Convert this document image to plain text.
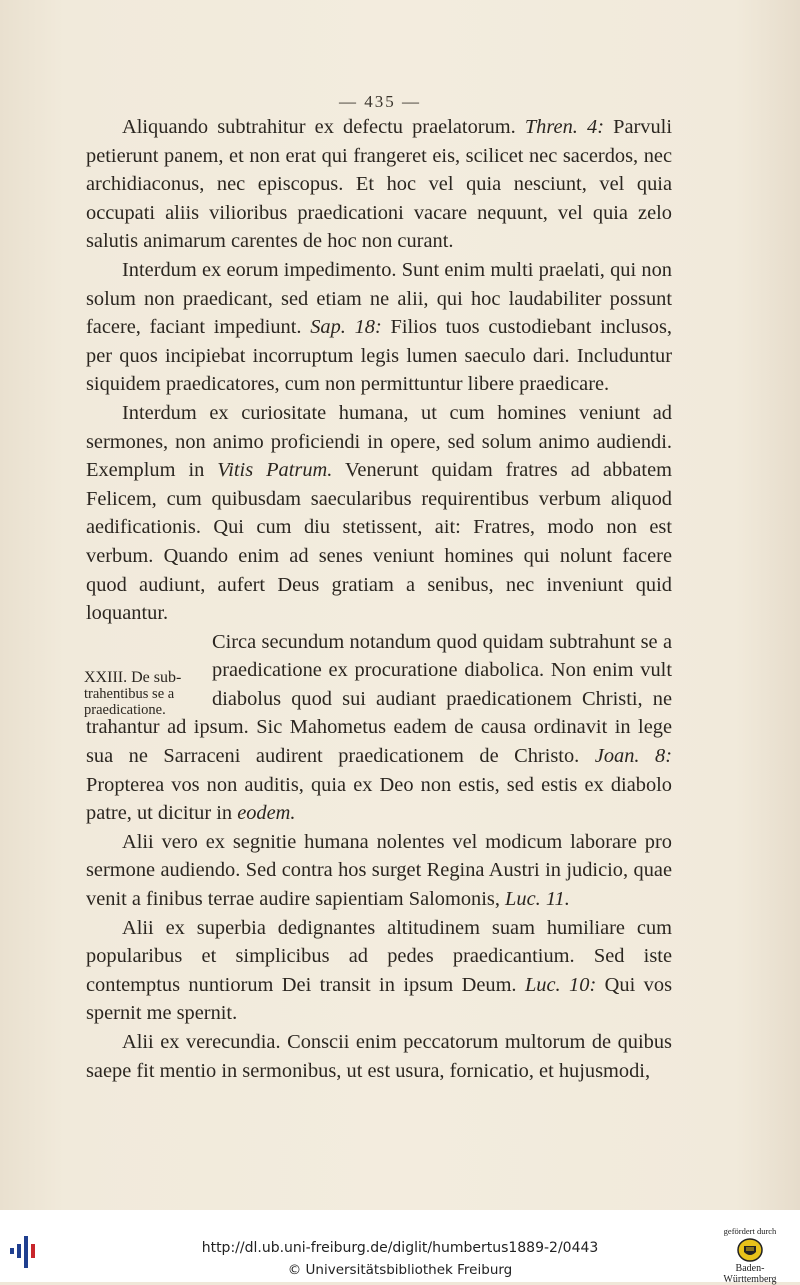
— 435 —

Aliquando subtrahitur ex defectu praelatorum. Thren. 4: Parvuli petierunt panem, et non erat qui frangeret eis, scilicet nec sacerdos, nec archidiaconus, nec episcopus. Et hoc vel quia nesciunt, vel quia occupati aliis vilioribus praedicationi vacare nequunt, vel quia zelo salutis animarum carentes de hoc non curant.

Interdum ex eorum impedimento. Sunt enim multi praelati, qui non solum non praedicant, sed etiam ne alii, qui hoc laudabiliter possunt facere, faciant impediunt. Sap. 18: Filios tuos custodiebant inclusos, per quos incipiebat incorruptum legis lumen saeculo dari. Includuntur siquidem praedicatores, cum non permittuntur libere praedicare.

Interdum ex curiositate humana, ut cum homines veniunt ad sermones, non animo proficiendi in opere, sed solum animo audiendi. Exemplum in Vitis Patrum. Venerunt quidam fratres ad abbatem Felicem, cum quibusdam saecularibus requirentibus verbum aliquod aedificationis. Qui cum diu stetissent, ait: Fratres, modo non est verbum. Quando enim ad senes veniunt homines qui nolunt facere quod audiunt, aufert Deus gratiam a senibus, nec inveniunt quid loquantur.

Circa secundum notandum quod quidam subtrahunt se a praedicatione ex procuratione diabolica. Non enim vult diabolus quod sui audiant praedicationem Christi, ne trahantur ad ipsum. Sic Mahometus eadem de causa ordinavit in lege sua ne Sarraceni audirent praedicationem de Christo. Joan. 8: Propterea vos non auditis, quia ex Deo non estis, sed estis ex diabolo patre, ut dicitur in eodem.

Alii vero ex segnitie humana nolentes vel modicum laborare pro sermone audiendo. Sed contra hos surget Regina Austri in judicio, quae venit a finibus terrae audire sapientiam Salomonis, Luc. 11.

Alii ex superbia dedignantes altitudinem suam humiliare cum popularibus et simplicibus ad pedes praedicantium. Sed iste contemptus nuntiorum Dei transit in ipsum Deum. Luc. 10: Qui vos spernit me spernit.

Alii ex verecundia. Conscii enim peccatorum multorum de quibus saepe fit mentio in sermonibus, ut est usura, fornicatio, et hujusmodi,

XXIII. De sub-
trahentibus se a
praedicatione.
http://dl.ub.uni-freiburg.de/diglit/humbertus1889-2/0443
© Universitätsbibliothek Freiburg
gefördert durch
Baden-Württemberg
